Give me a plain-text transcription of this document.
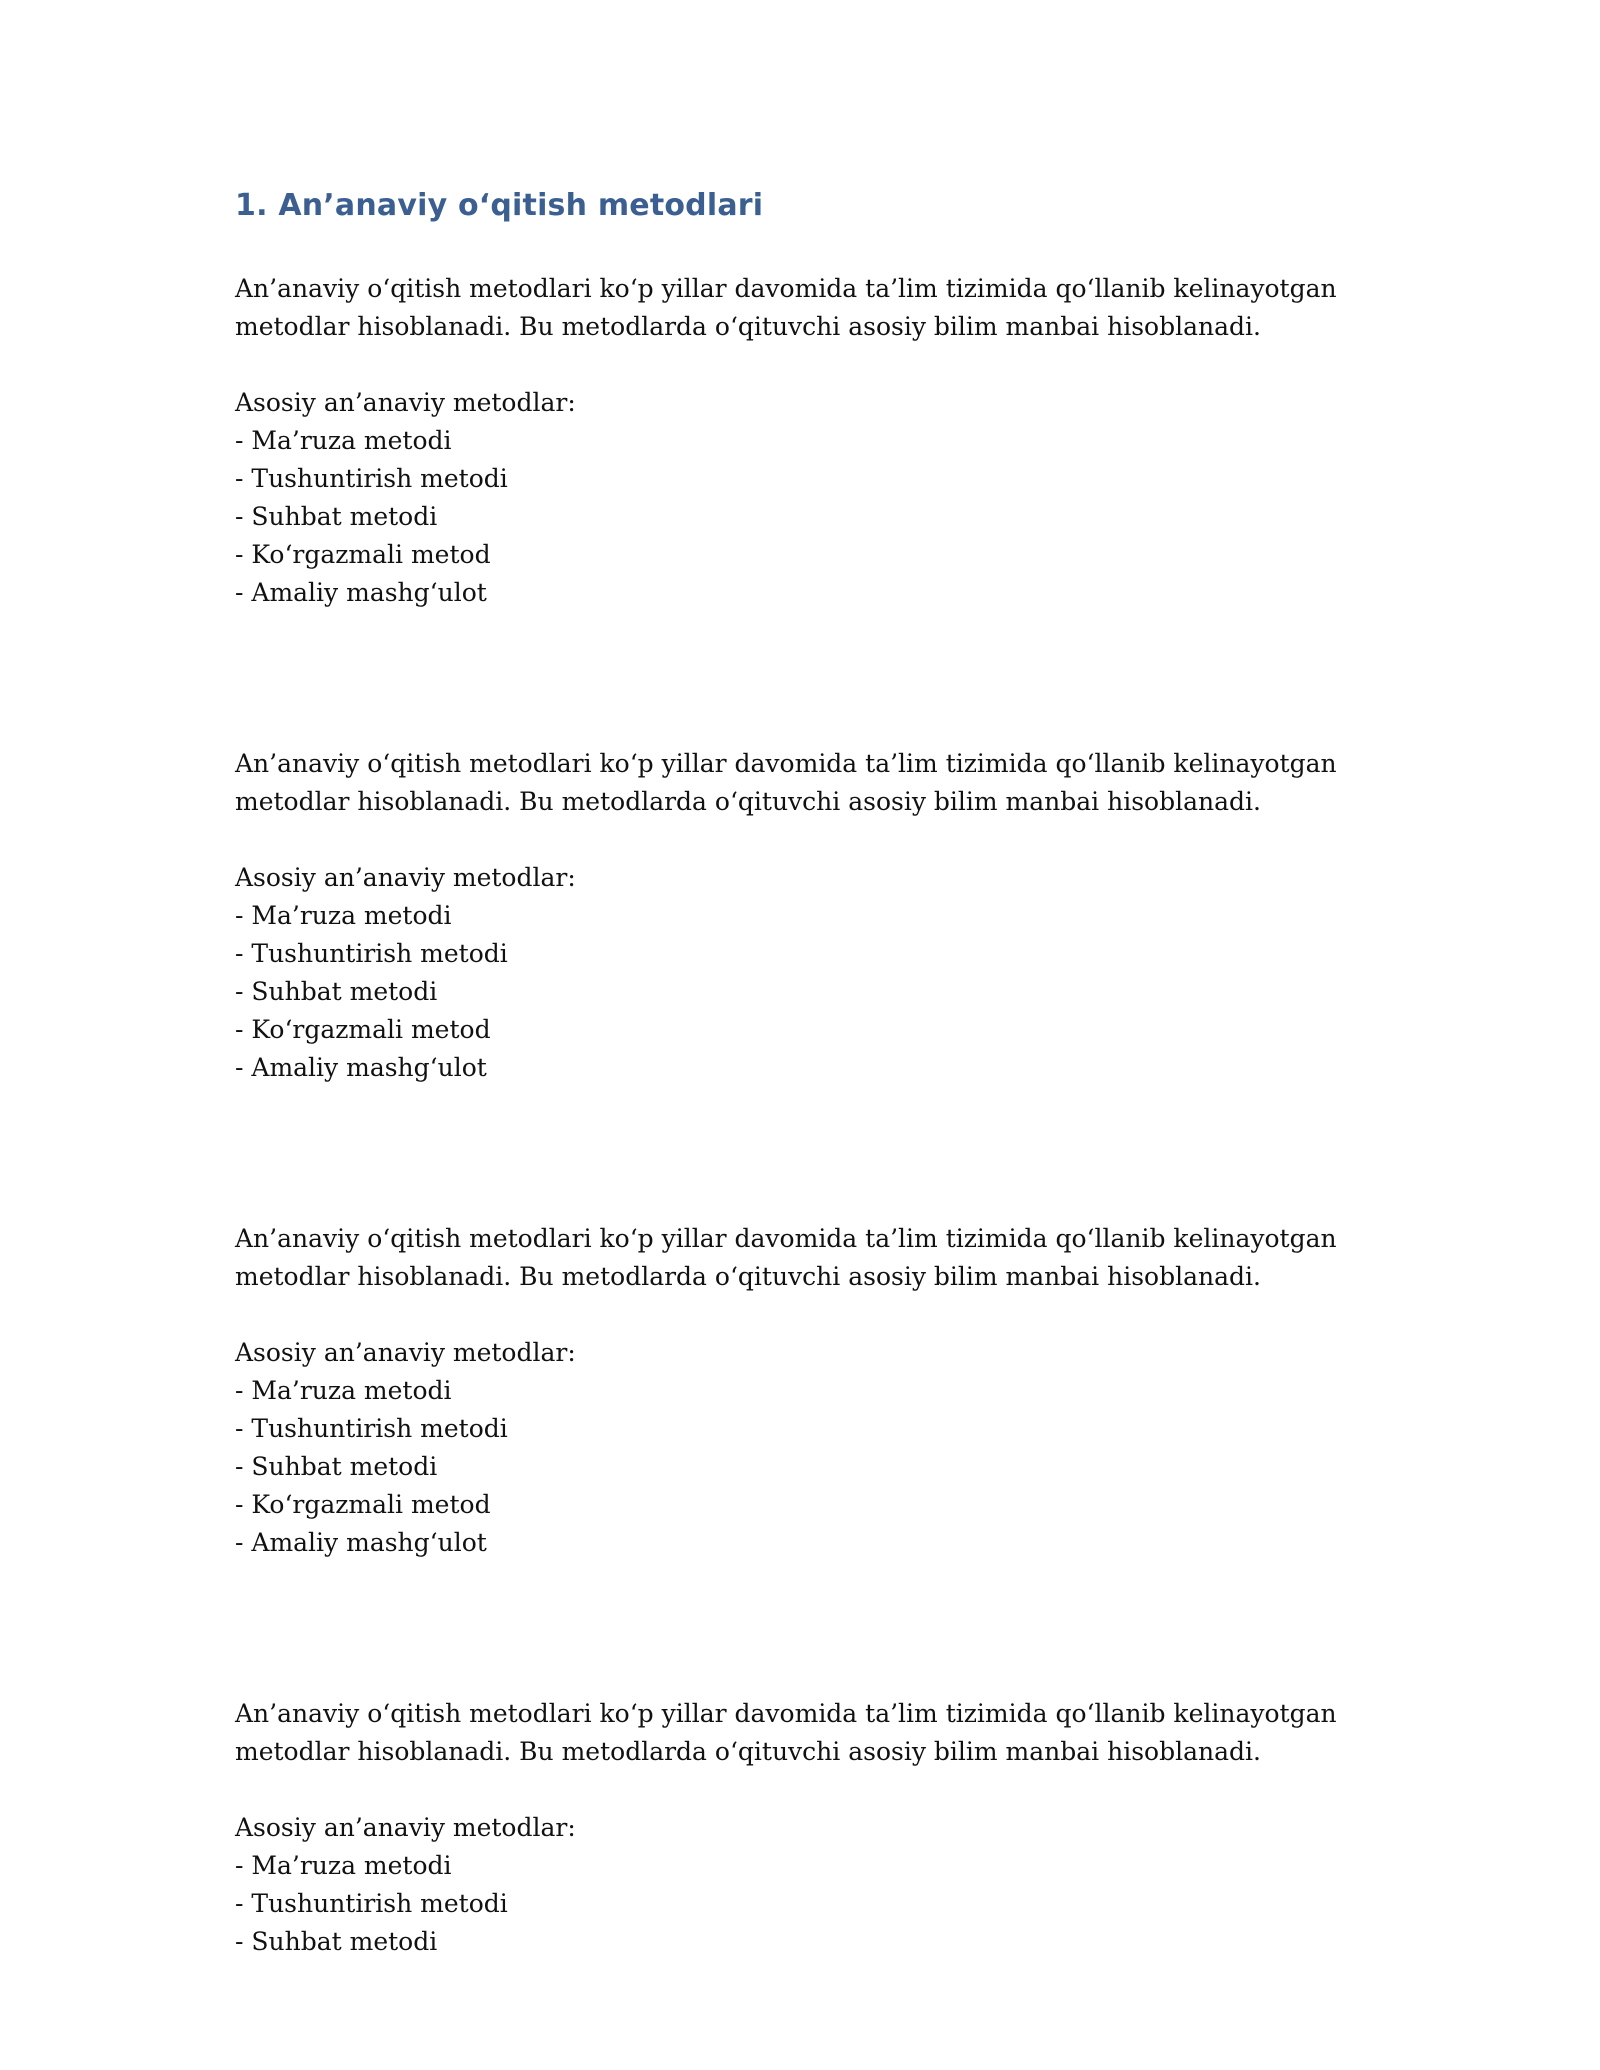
1. An’anaviy o‘qitish metodlari
An’anaviy o‘qitish metodlari ko‘p yillar davomida ta’lim tizimida qo‘llanib kelinayotgan
metodlar hisoblanadi. Bu metodlarda o‘qituvchi asosiy bilim manbai hisoblanadi.
Asosiy an’anaviy metodlar:
- Ma’ruza metodi
- Tushuntirish metodi
- Suhbat metodi
- Ko‘rgazmali metod
- Amaliy mashg‘ulot
An’anaviy o‘qitish metodlari ko‘p yillar davomida ta’lim tizimida qo‘llanib kelinayotgan
metodlar hisoblanadi. Bu metodlarda o‘qituvchi asosiy bilim manbai hisoblanadi.
Asosiy an’anaviy metodlar:
- Ma’ruza metodi
- Tushuntirish metodi
- Suhbat metodi
- Ko‘rgazmali metod
- Amaliy mashg‘ulot
An’anaviy o‘qitish metodlari ko‘p yillar davomida ta’lim tizimida qo‘llanib kelinayotgan
metodlar hisoblanadi. Bu metodlarda o‘qituvchi asosiy bilim manbai hisoblanadi.
Asosiy an’anaviy metodlar:
- Ma’ruza metodi
- Tushuntirish metodi
- Suhbat metodi
- Ko‘rgazmali metod
- Amaliy mashg‘ulot
An’anaviy o‘qitish metodlari ko‘p yillar davomida ta’lim tizimida qo‘llanib kelinayotgan
metodlar hisoblanadi. Bu metodlarda o‘qituvchi asosiy bilim manbai hisoblanadi.
Asosiy an’anaviy metodlar:
- Ma’ruza metodi
- Tushuntirish metodi
- Suhbat metodi
